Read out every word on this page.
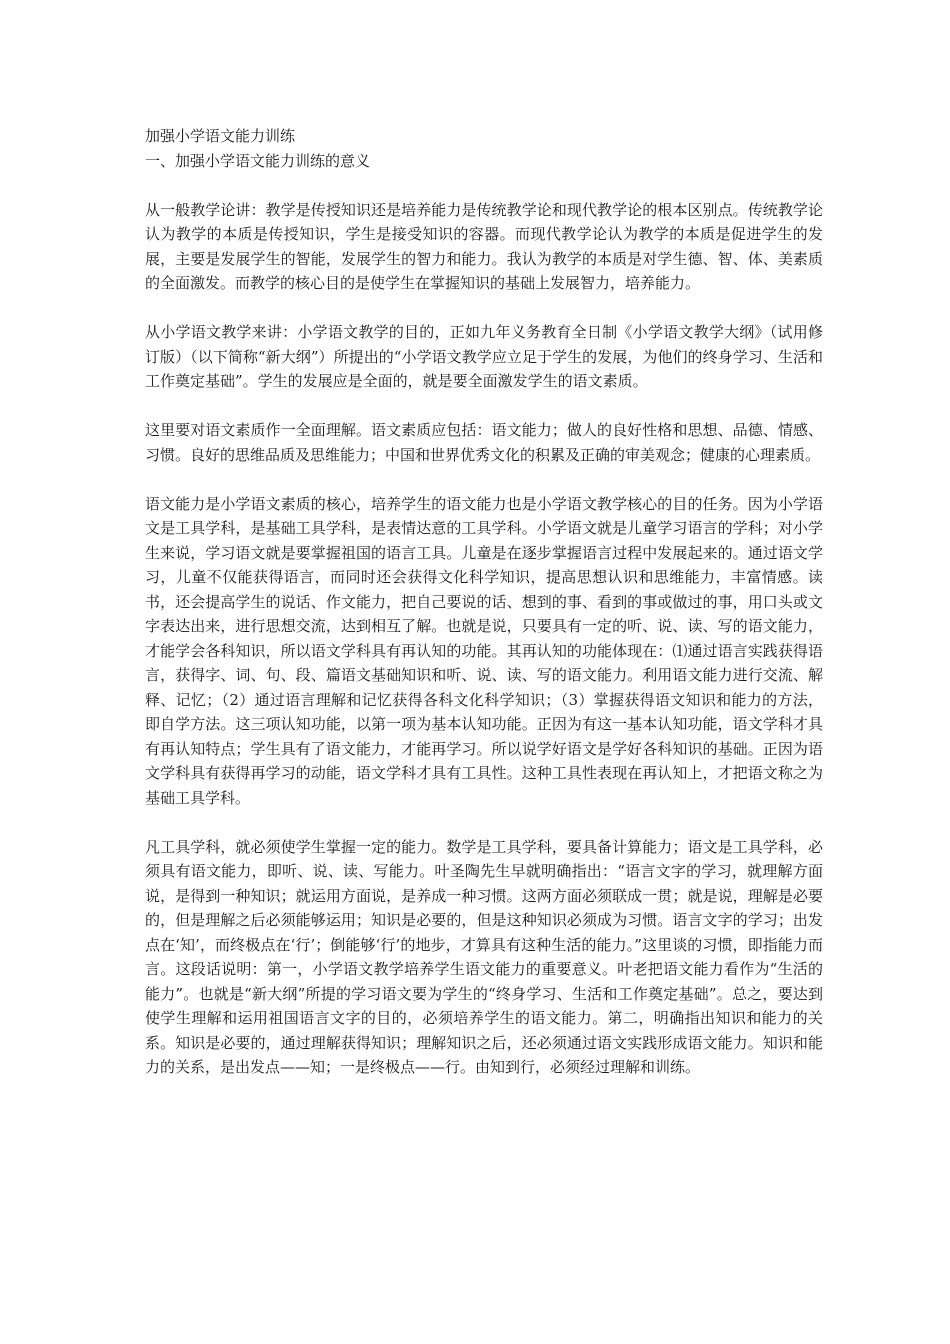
加强小学语文能力训练

一、加强小学语文能力训练的意义

从一般教学论讲：教学是传授知识还是培养能力是传统教学论和现代教学论的根本区别点。传统教学论认为教学的本质是传授知识，学生是接受知识的容器。而现代教学论认为教学的本质是促进学生的发展，主要是发展学生的智能，发展学生的智力和能力。我认为教学的本质是对学生德、智、体、美素质的全面激发。而教学的核心目的是使学生在掌握知识的基础上发展智力，培养能力。

从小学语文教学来讲：小学语文教学的目的，正如九年义务教育全日制《小学语文教学大纲》（试用修订版）（以下简称“新大纲”）所提出的“小学语文教学应立足于学生的发展，为他们的终身学习、生活和工作奠定基础”。学生的发展应是全面的，就是要全面激发学生的语文素质。

这里要对语文素质作一全面理解。语文素质应包括：语文能力；做人的良好性格和思想、品德、情感、习惯。良好的思维品质及思维能力；中国和世界优秀文化的积累及正确的审美观念；健康的心理素质。

语文能力是小学语文素质的核心，培养学生的语文能力也是小学语文教学核心的目的任务。因为小学语文是工具学科，是基础工具学科，是表情达意的工具学科。小学语文就是儿童学习语言的学科；对小学生来说，学习语文就是要掌握祖国的语言工具。儿童是在逐步掌握语言过程中发展起来的。通过语文学习，儿童不仅能获得语言，而同时还会获得文化科学知识，提高思想认识和思维能力，丰富情感。读书，还会提高学生的说话、作文能力，把自己要说的话、想到的事、看到的事或做过的事，用口头或文字表达出来，进行思想交流，达到相互了解。也就是说，只要具有一定的听、说、读、写的语文能力，才能学会各科知识，所以语文学科具有再认知的功能。其再认知的功能体现在：⑴通过语言实践获得语言，获得字、词、句、段、篇语文基础知识和听、说、读、写的语文能力。利用语文能力进行交流、解释、记忆；（2）通过语言理解和记忆获得各科文化科学知识；（3）掌握获得语文知识和能力的方法，即自学方法。这三项认知功能，以第一项为基本认知功能。正因为有这一基本认知功能，语文学科才具有再认知特点；学生具有了语文能力，才能再学习。所以说学好语文是学好各科知识的基础。正因为语文学科具有获得再学习的动能，语文学科才具有工具性。这种工具性表现在再认知上，才把语文称之为基础工具学科。

凡工具学科，就必须使学生掌握一定的能力。数学是工具学科，要具备计算能力；语文是工具学科，必须具有语文能力，即听、说、读、写能力。叶圣陶先生早就明确指出：“语言文字的学习，就理解方面说，是得到一种知识；就运用方面说，是养成一种习惯。这两方面必须联成一贯；就是说，理解是必要的，但是理解之后必须能够运用；知识是必要的，但是这种知识必须成为习惯。语言文字的学习；出发点在‘知’，而终极点在‘行’；倒能够‘行’的地步，才算具有这种生活的能力。”这里谈的习惯，即指能力而言。这段话说明：第一，小学语文教学培养学生语文能力的重要意义。叶老把语文能力看作为“生活的能力”。也就是“新大纲”所提的学习语文要为学生的“终身学习、生活和工作奠定基础”。总之，要达到使学生理解和运用祖国语言文字的目的，必须培养学生的语文能力。第二，明确指出知识和能力的关系。知识是必要的，通过理解获得知识；理解知识之后，还必须通过语文实践形成语文能力。知识和能力的关系，是出发点——知；一是终极点——行。由知到行，必须经过理解和训练。
